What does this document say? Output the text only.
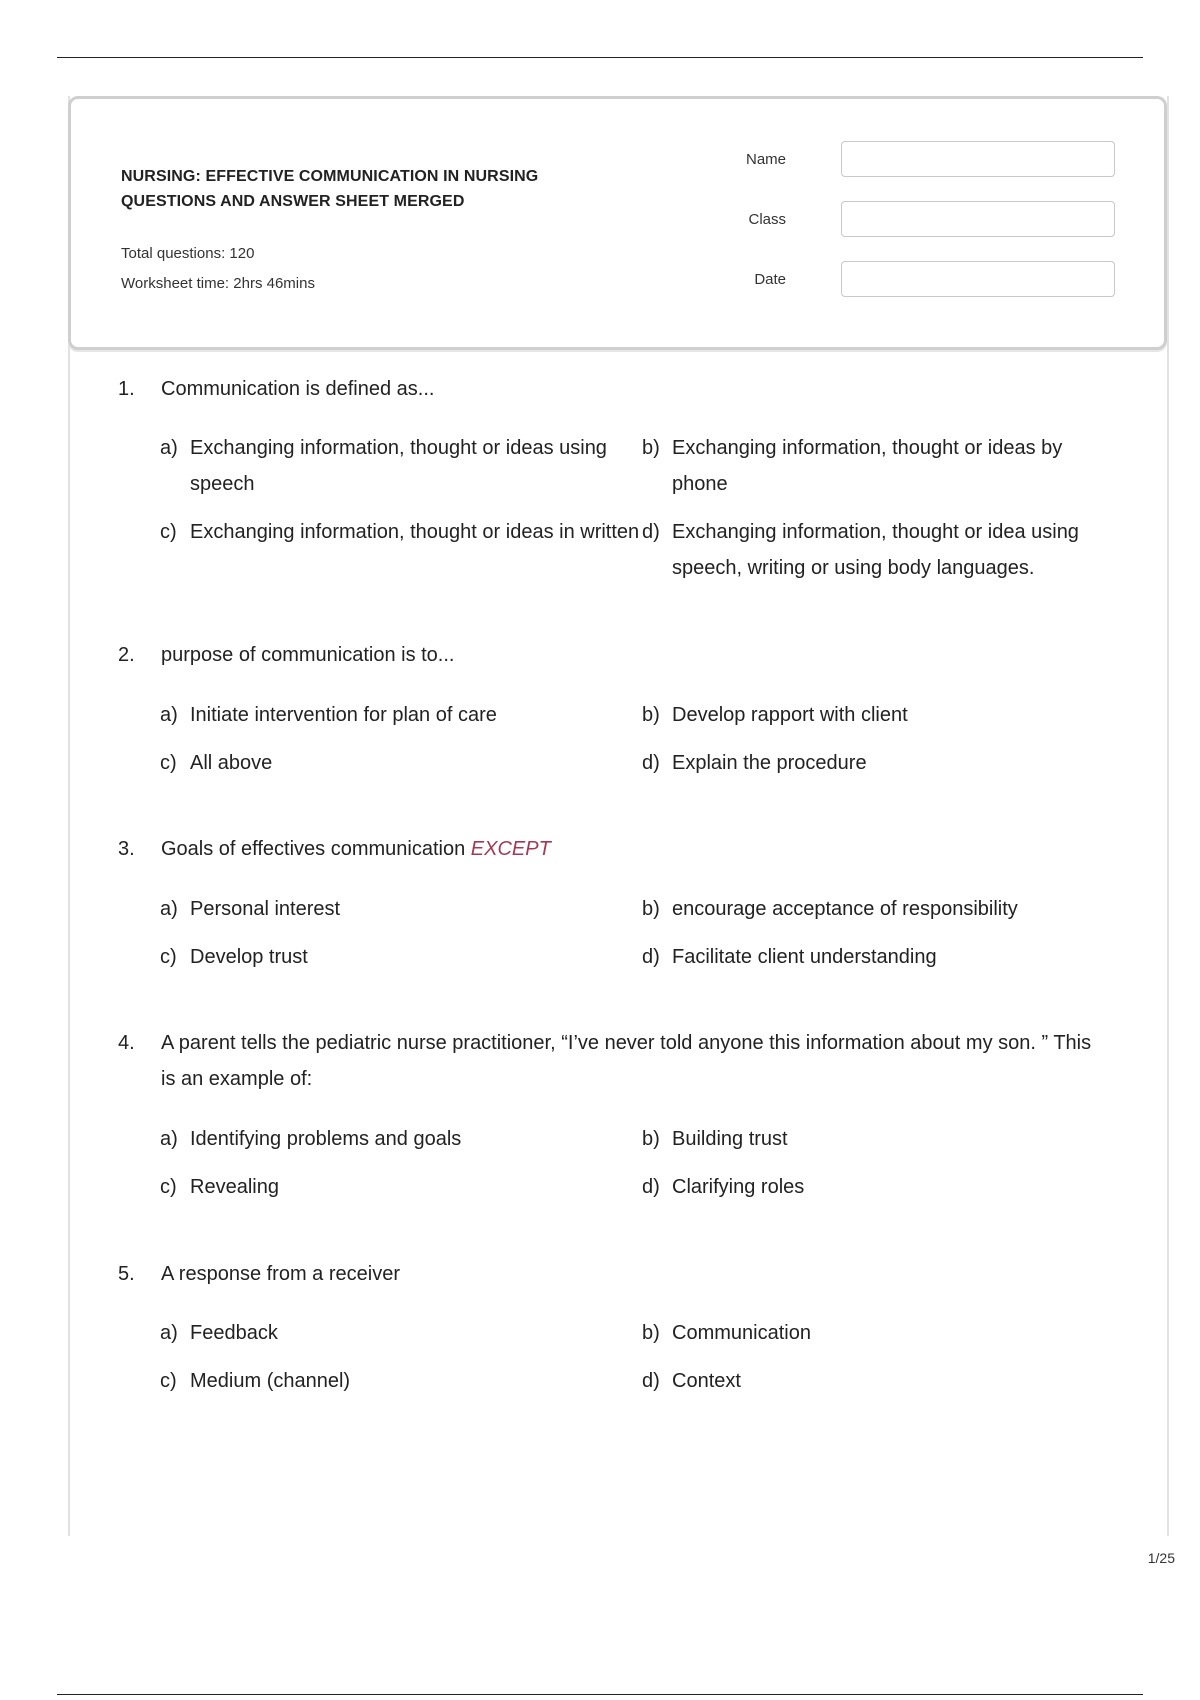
NURSING: EFFECTIVE COMMUNICATION IN NURSING QUESTIONS AND ANSWER SHEET MERGED
Total questions: 120
Worksheet time: 2hrs 46mins
Name
Class
Date
1.	Communication is defined as...
a) Exchanging information, thought or ideas using speech
b) Exchanging information, thought or ideas by phone
c) Exchanging information, thought or ideas in written d) Exchanging information, thought or idea using speech, writing or using body languages.
2.	purpose of communication is to...
a) Initiate intervention for plan of care	b) Develop rapport with client
c) All above	d) Explain the procedure
3.	Goals of effectives communication EXCEPT
a) Personal interest	b) encourage acceptance of responsibility
c) Develop trust	d) Facilitate client understanding
4.	A parent tells the pediatric nurse practitioner, “I’ve never told anyone this information about my son. ” This is an example of:
a) Identifying problems and goals	b) Building trust
c) Revealing	d) Clarifying roles
5.	A response from a receiver
a) Feedback	b) Communication
c) Medium (channel)	d) Context
1/25
